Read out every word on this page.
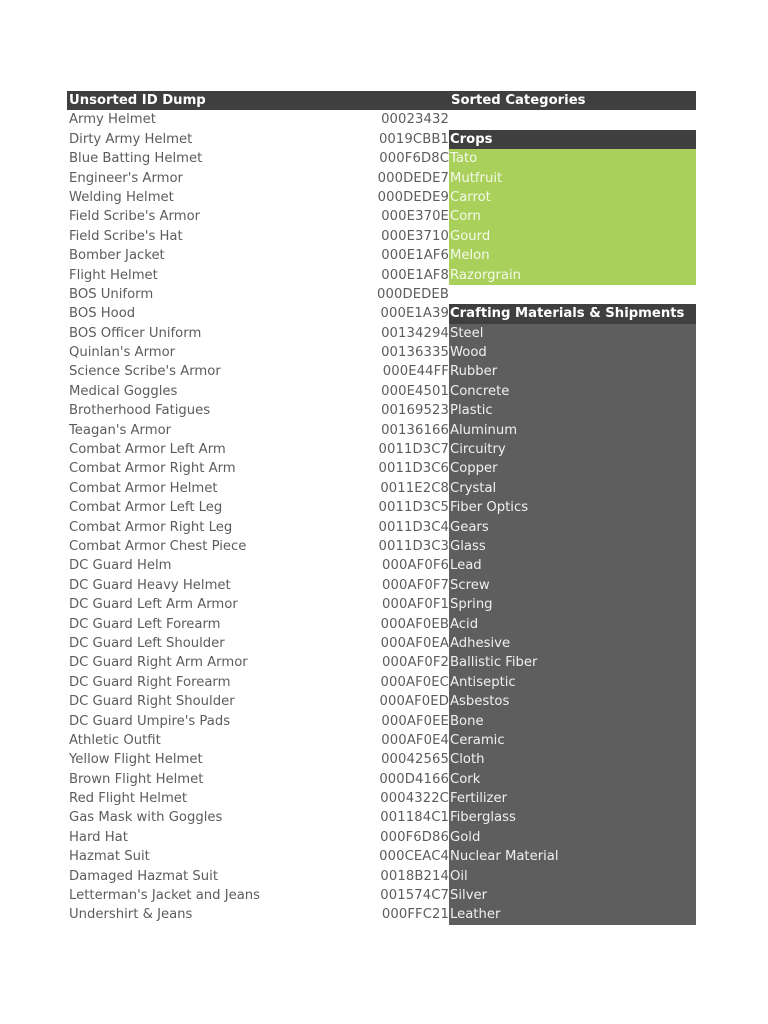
Unsorted ID Dump	Sorted Categories
Army Helmet	00023432
Dirty Army Helmet	0019CBB1 Crops
Blue Batting Helmet	000F6D8C Tato
Engineer's Armor	000DEDE7 Mutfruit
Welding Helmet	000DEDE9 Carrot
Field Scribe's Armor	000E370E Corn
Field Scribe's Hat	000E3710 Gourd
Bomber Jacket	000E1AF6 Melon
Flight Helmet	000E1AF8 Razorgrain
BOS Uniform	000DEDEB
BOS Hood	000E1A39 Crafting Materials & Shipments
BOS Officer Uniform	00134294 Steel
Quinlan's Armor	00136335 Wood
Science Scribe's Armor	000E44FF Rubber
Medical Goggles	000E4501 Concrete
Brotherhood Fatigues	00169523 Plastic
Teagan's Armor	00136166 Aluminum
Combat Armor Left Arm	0011D3C7 Circuitry
Combat Armor Right Arm	0011D3C6 Copper
Combat Armor Helmet	0011E2C8 Crystal
Combat Armor Left Leg	0011D3C5 Fiber Optics
Combat Armor Right Leg	0011D3C4 Gears
Combat Armor Chest Piece	0011D3C3 Glass
DC Guard Helm	000AF0F6 Lead
DC Guard Heavy Helmet	000AF0F7 Screw
DC Guard Left Arm Armor	000AF0F1 Spring
DC Guard Left Forearm	000AF0EB Acid
DC Guard Left Shoulder	000AF0EA Adhesive
DC Guard Right Arm Armor	000AF0F2 Ballistic Fiber
DC Guard Right Forearm	000AF0EC Antiseptic
DC Guard Right Shoulder	000AF0ED Asbestos
DC Guard Umpire's Pads	000AF0EE Bone
Athletic Outfit	000AF0E4 Ceramic
Yellow Flight Helmet	00042565 Cloth
Brown Flight Helmet	000D4166 Cork
Red Flight Helmet	0004322C Fertilizer
Gas Mask with Goggles	001184C1 Fiberglass
Hard Hat	000F6D86 Gold
Hazmat Suit	000CEAC4 Nuclear Material
Damaged Hazmat Suit	0018B214 Oil
Letterman's Jacket and Jeans	001574C7 Silver
Undershirt & Jeans	000FFC21 Leather
